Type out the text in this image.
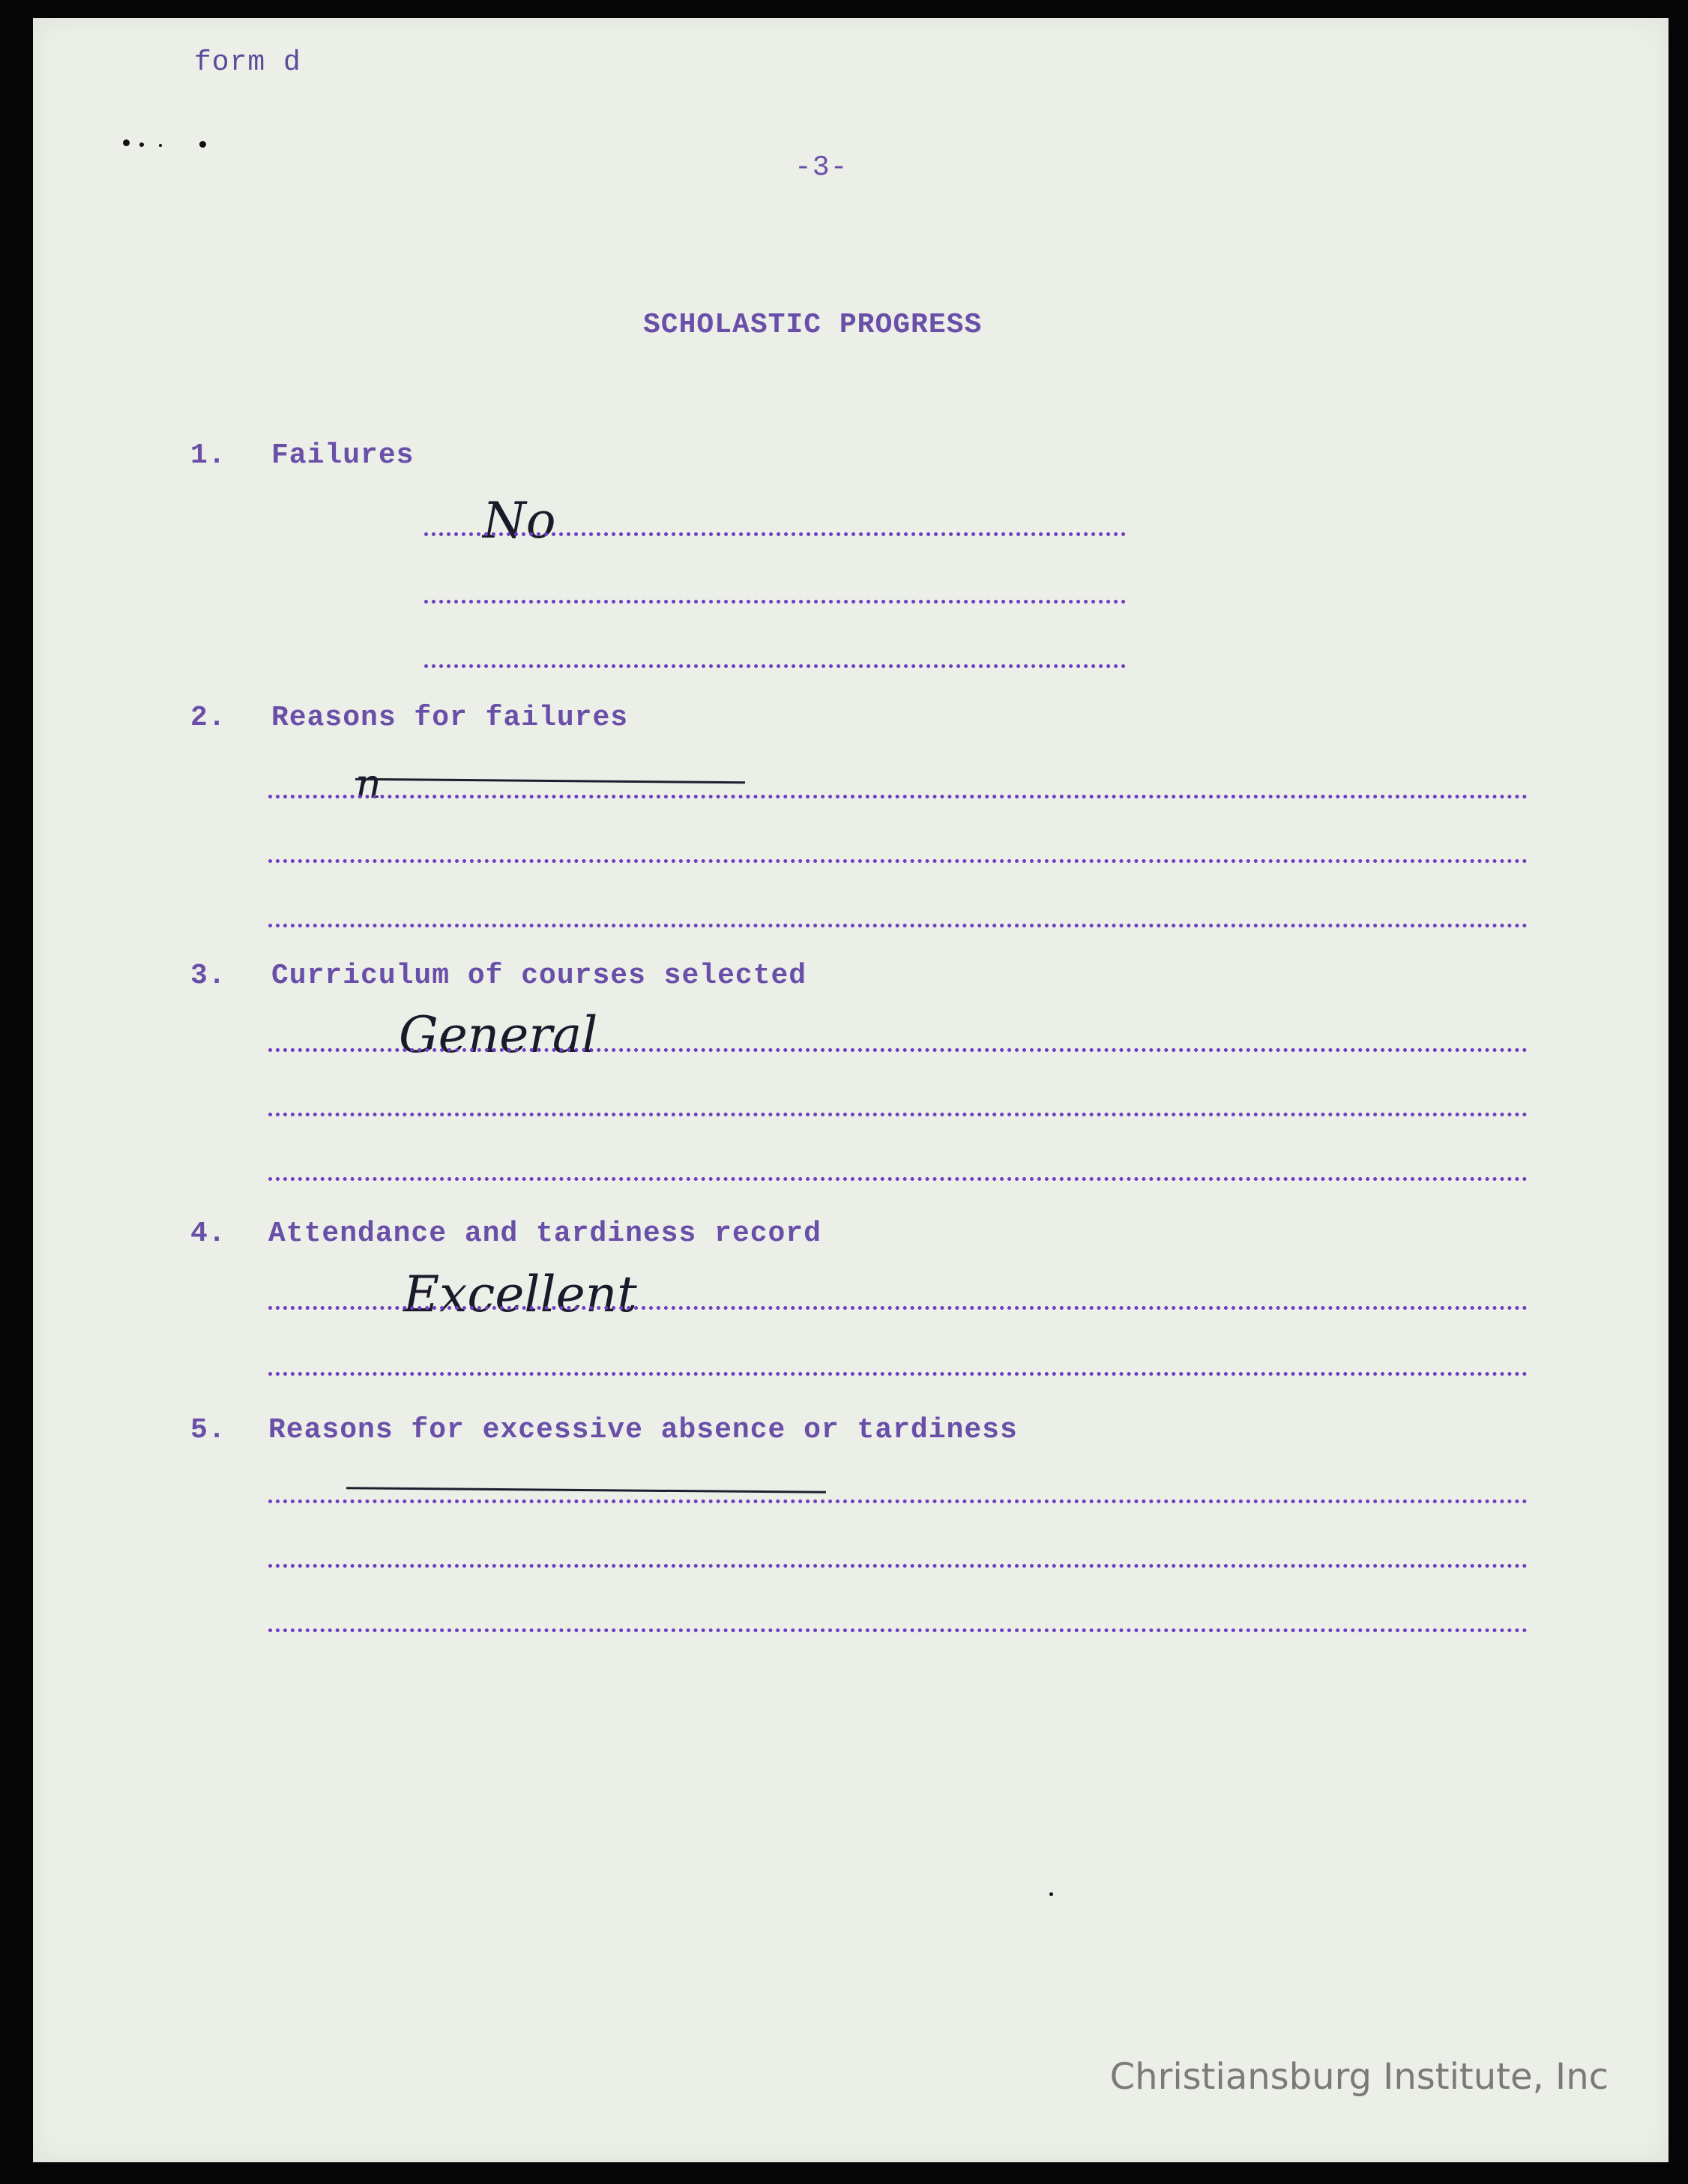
form d
-3-
SCHOLASTIC PROGRESS
1. Failures
No
2. Reasons for failures
n
3. Curriculum of courses selected
General
4. Attendance and tardiness record
Excellent
5. Reasons for excessive absence or tardiness
Christiansburg Institute, Inc
